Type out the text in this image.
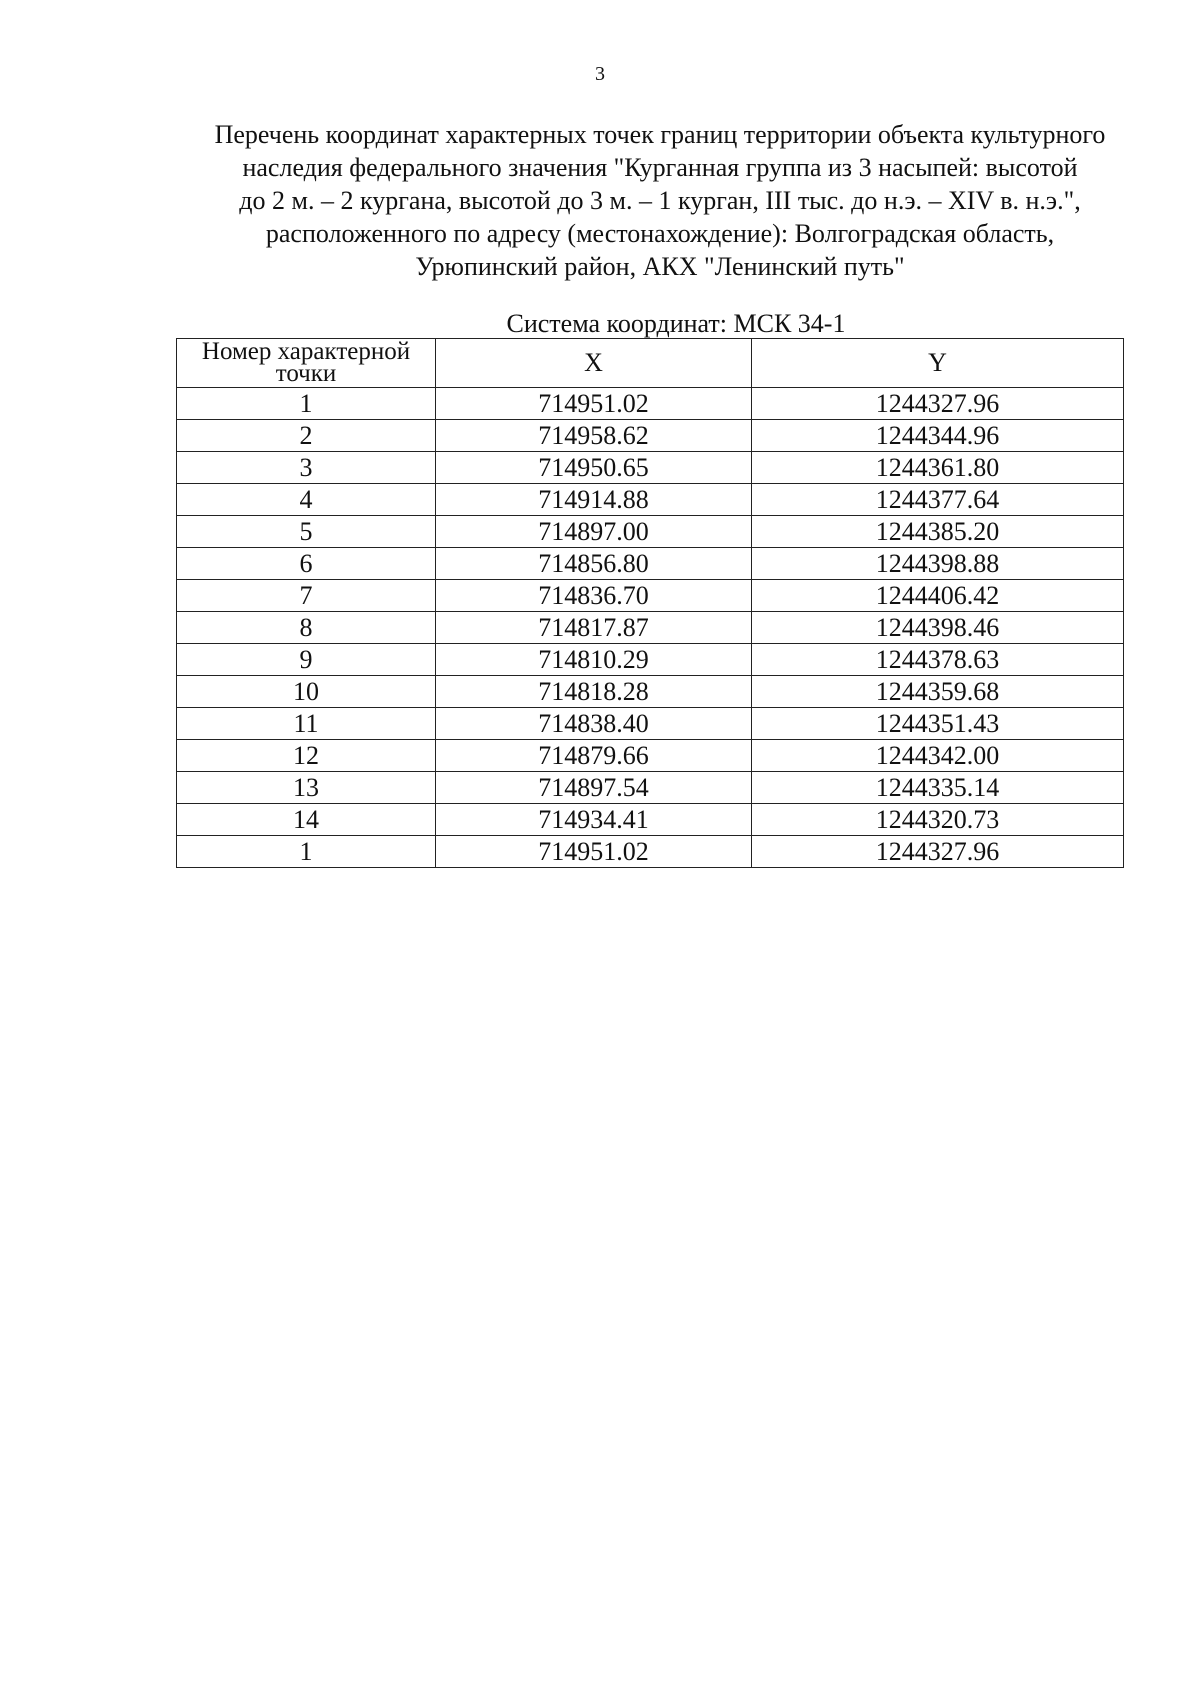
3
Перечень координат характерных точек границ территории объекта культурного
наследия федерального значения "Курганная группа из 3 насыпей: высотой
до 2 м. – 2 кургана, высотой до 3 м. – 1 курган, III тыс. до н.э. – XIV в. н.э.",
расположенного по адресу (местонахождение): Волгоградская область,
Урюпинский район, АКХ "Ленинский путь"
Система координат: МСК 34-1
Номер характерной
точки	X	Y
1	714951.02	1244327.96
2	714958.62	1244344.96
3	714950.65	1244361.80
4	714914.88	1244377.64
5	714897.00	1244385.20
6	714856.80	1244398.88
7	714836.70	1244406.42
8	714817.87	1244398.46
9	714810.29	1244378.63
10	714818.28	1244359.68
11	714838.40	1244351.43
12	714879.66	1244342.00
13	714897.54	1244335.14
14	714934.41	1244320.73
1	714951.02	1244327.96
